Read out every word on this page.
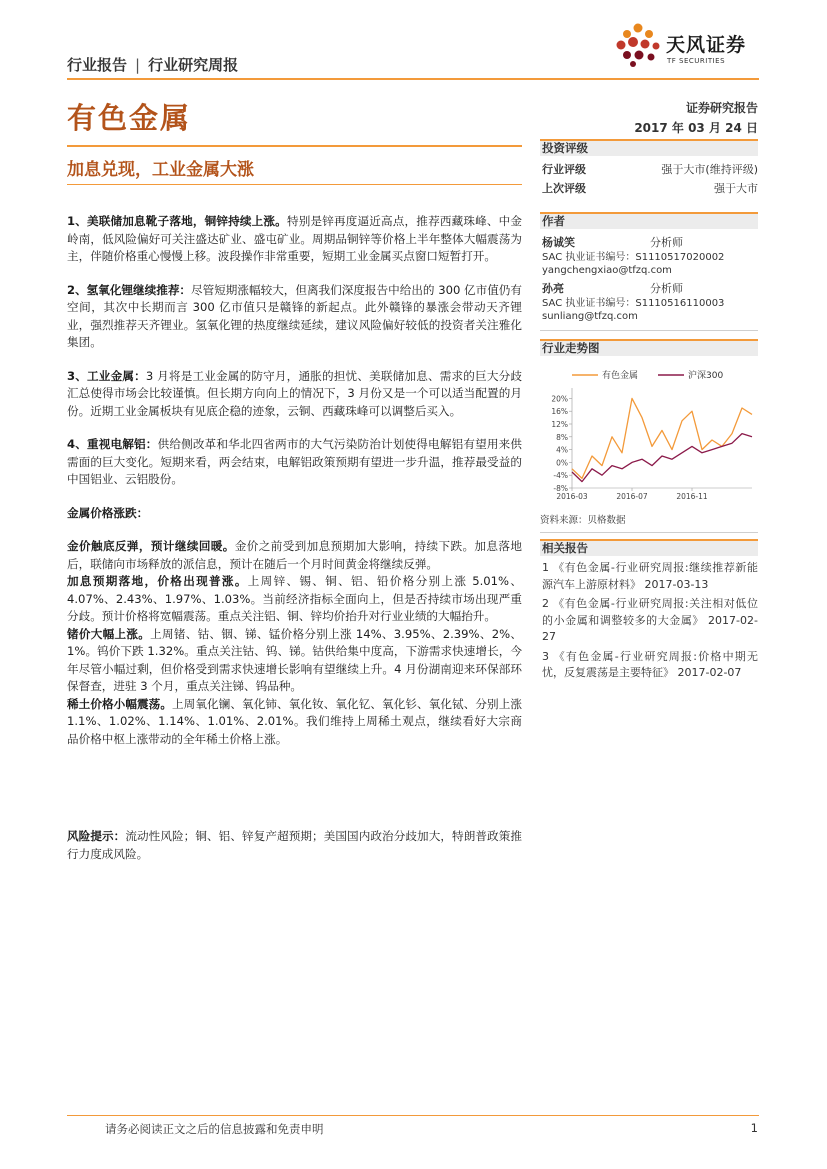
行业报告 | 行业研究周报
天风证券
TF SECURITIES
有色金属	证券研究报告
2017 年 03 月 24 日
加息兑现，工业金属大涨

1、美联储加息靴子落地，铜锌持续上涨。特别是锌再度逼近高点，推荐西藏珠峰、中金岭南，低风险偏好可关注盛达矿业、盛屯矿业。周期品铜锌等价格上半年整体大幅震荡为主，伴随价格重心慢慢上移。波段操作非常重要，短期工业金属买点窗口短暂打开。

2、氢氧化锂继续推荐：尽管短期涨幅较大，但离我们深度报告中给出的 300 亿市值仍有空间，其次中长期而言 300 亿市值只是赣锋的新起点。此外赣锋的暴涨会带动天齐锂业，强烈推荐天齐锂业。氢氧化锂的热度继续延续，建议风险偏好较低的投资者关注雅化集团。

3、工业金属：3 月将是工业金属的防守月，通胀的担忧、美联储加息、需求的巨大分歧汇总使得市场会比较谨慎。但长期方向向上的情况下，3 月份又是一个可以适当配置的月份。近期工业金属板块有见底企稳的迹象，云铜、西藏珠峰可以调整后买入。

4、重视电解铝：供给侧改革和华北四省两市的大气污染防治计划使得电解铝有望用来供需面的巨大变化。短期来看，两会结束，电解铝政策预期有望进一步升温，推荐最受益的中国铝业、云铝股份。

金属价格涨跌：

金价触底反弹，预计继续回暖。金价之前受到加息预期加大影响，持续下跌。加息落地后，联储向市场释放的派信息，预计在随后一个月时间黄金将继续反弹。

加息预期落地，价格出现普涨。上周锌、锡、铜、铝、铅价格分别上涨 5.01%、4.07%、2.43%、1.97%、1.03%。当前经济指标全面向上，但是否持续市场出现严重分歧。预计价格将宽幅震荡。重点关注铝、铜、锌均价抬升对行业业绩的大幅抬升。

锗价大幅上涨。上周锗、钴、铟、锑、锰价格分别上涨 14%、3.95%、2.39%、2%、1%。钨价下跌 1.32%。重点关注钴、钨、锑。钴供给集中度高，下游需求快速增长，今年尽管小幅过剩，但价格受到需求快速增长影响有望继续上升。4 月份湖南迎来环保部环保督查，进驻 3 个月，重点关注锑、钨品种。

稀土价格小幅震荡。上周氧化镧、氧化铈、氧化钕、氧化钇、氧化钐、氧化铽、分别上涨 1.1%、1.02%、1.14%、1.01%、2.01%。我们维持上周稀土观点，继续看好大宗商品价格中枢上涨带动的全年稀土价格上涨。

风险提示：流动性风险；铜、铝、锌复产超预期；美国国内政治分歧加大，特朗普政策推行力度成风险。

投资评级
行业评级	强于大市(维持评级)
上次评级	强于大市
作者
杨诚笑	分析师
SAC 执业证书编号：S1110517020002
yangchengxiao@tfzq.com
孙亮	分析师
SAC 执业证书编号：S1110516110003
sunliang@tfzq.com
行业走势图
-8%
-4%
0%
4%
8%
12%
16%
20%
2016-03	2016-07	2016-11
有色金属	沪深300
资料来源：贝格数据
相关报告
1 《有色金属-行业研究周报:继续推荐新能源汽车上游原材料》 2017-03-13
2 《有色金属-行业研究周报:关注相对低位的小金属和调整较多的大金属》 2017-02-27
3 《有色金属-行业研究周报:价格中期无忧，反复震荡是主要特征》 2017-02-07
请务必阅读正文之后的信息披露和免责申明	1
